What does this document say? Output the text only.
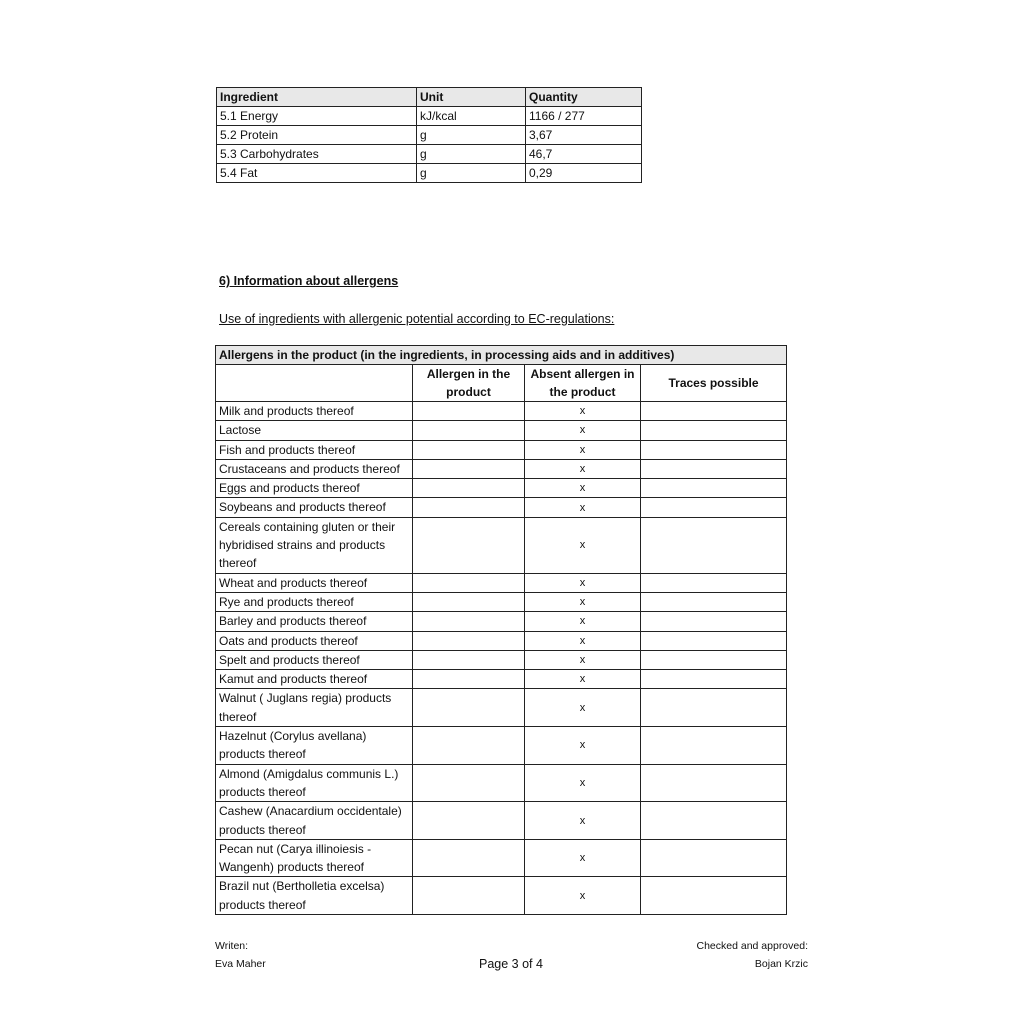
Ingredient	Unit	Quantity
5.1 Energy	kJ/kcal	1166 / 277
5.2 Protein	g	3,67
5.3 Carbohydrates	g	46,7
5.4 Fat	g	0,29
6) Information about allergens
Use of ingredients with allergenic potential according to EC-regulations:
Allergens in the product (in the ingredients, in processing aids and in additives)			
	Allergen in the product	Absent allergen in the product	Traces possible
Milk and products thereof		x	
Lactose		x	
Fish and products thereof		x	
Crustaceans and products thereof		x	
Eggs and products thereof		x	
Soybeans and products thereof		x	
Cereals containing gluten or their hybridised strains and products thereof		x	
Wheat and products thereof		x	
Rye and products thereof		x	
Barley and products thereof		x	
Oats and products thereof		x	
Spelt and products thereof		x	
Kamut and products thereof		x	
Walnut ( Juglans regia) products thereof		x	
Hazelnut (Corylus avellana) products thereof		x	
Almond (Amigdalus communis L.) products thereof		x	
Cashew (Anacardium occidentale) products thereof		x	
Pecan nut (Carya illinoiesis - Wangenh) products thereof		x	
Brazil nut (Bertholletia excelsa) products thereof		x	
Writen:
Eva Maher	Page 3 of 4
Checked and approved:
Bojan Krzic
